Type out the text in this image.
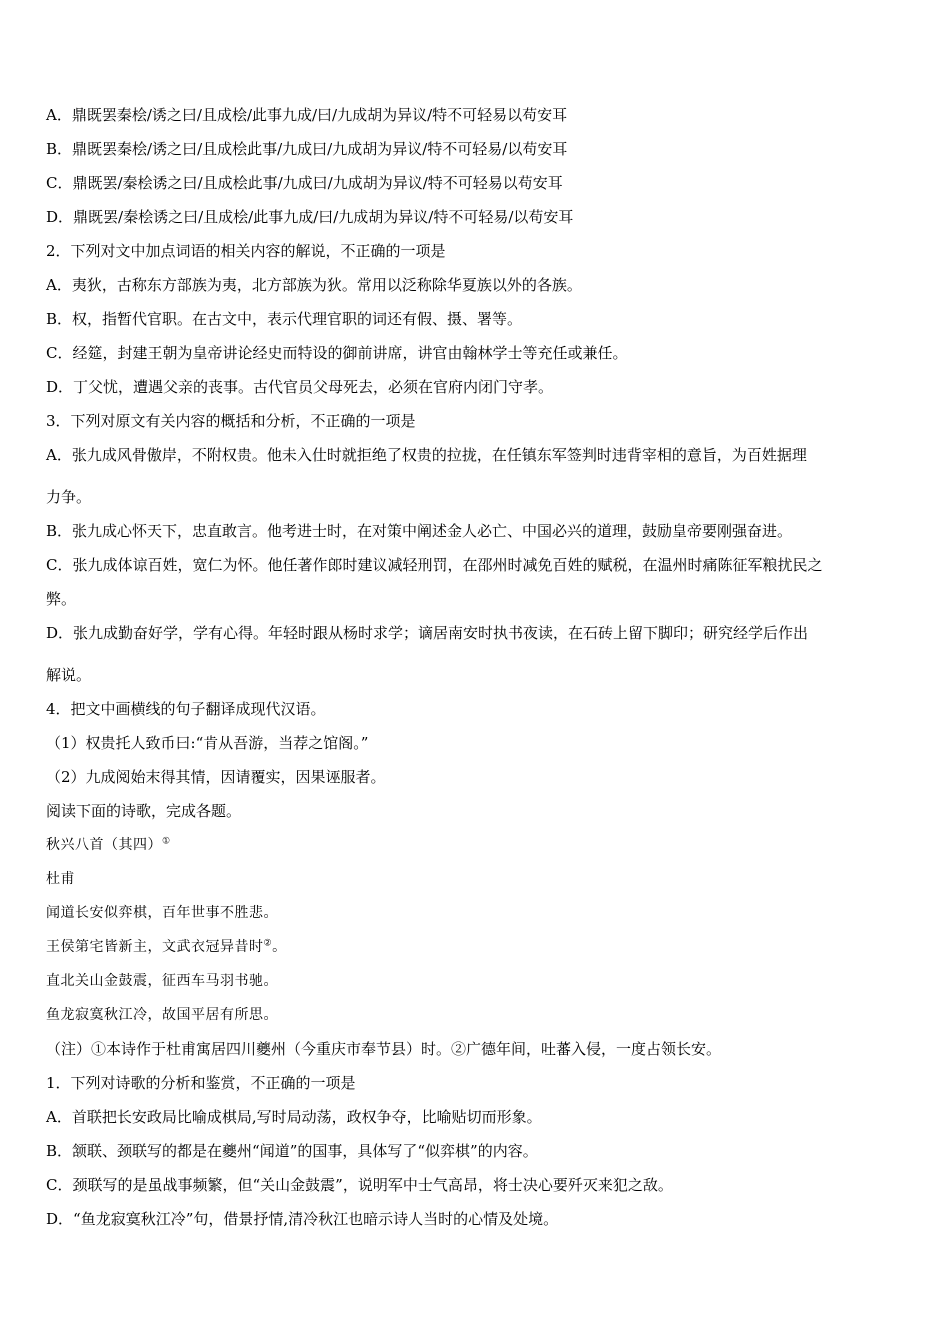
A．鼎既罢秦桧/诱之曰/且成桧/此事九成/曰/九成胡为异议/特不可轻易以苟安耳
B．鼎既罢秦桧/诱之曰/且成桧此事/九成曰/九成胡为异议/特不可轻易/以苟安耳
C．鼎既罢/秦桧诱之曰/且成桧此事/九成曰/九成胡为异议/特不可轻易以苟安耳
D．鼎既罢/秦桧诱之曰/且成桧/此事九成/曰/九成胡为异议/特不可轻易/以苟安耳
2．下列对文中加点词语的相关内容的解说，不正确的一项是
A．夷狄，古称东方部族为夷，北方部族为狄。常用以泛称除华夏族以外的各族。
B．权，指暂代官职。在古文中，表示代理官职的词还有假、摄、署等。
C．经筵，封建王朝为皇帝讲论经史而特设的御前讲席，讲官由翰林学士等充任或兼任。
D．丁父忧，遭遇父亲的丧事。古代官员父母死去，必须在官府内闭门守孝。
3．下列对原文有关内容的概括和分析，不正确的一项是
A．张九成风骨傲岸，不附权贵。他未入仕时就拒绝了权贵的拉拢，在任镇东军签判时违背宰相的意旨，为百姓据理
力争。
B．张九成心怀天下，忠直敢言。他考进士时，在对策中阐述金人必亡、中国必兴的道理，鼓励皇帝要刚强奋进。
C．张九成体谅百姓，宽仁为怀。他任著作郎时建议减轻刑罚，在邵州时减免百姓的赋税，在温州时痛陈征军粮扰民之
弊。
D．张九成勤奋好学，学有心得。年轻时跟从杨时求学；谪居南安时执书夜读，在石砖上留下脚印；研究经学后作出
解说。
4．把文中画横线的句子翻译成现代汉语。
（1）权贵托人致币曰:“肯从吾游，当荐之馆阁。”
（2）九成阅始末得其情，因请覆实，因果诬服者。
阅读下面的诗歌，完成各题。
秋兴八首（其四）①
杜甫
闻道长安似弈棋，百年世事不胜悲。
王侯第宅皆新主，文武衣冠异昔时②。
直北关山金鼓震，征西车马羽书驰。
鱼龙寂寞秋江冷，故国平居有所思。
（注）①本诗作于杜甫寓居四川夔州（今重庆市奉节县）时。②广德年间，吐蕃入侵，一度占领长安。
1．下列对诗歌的分析和鉴赏，不正确的一项是
A．首联把长安政局比喻成棋局,写时局动荡，政权争夺，比喻贴切而形象。
B．颔联、颈联写的都是在夔州“闻道”的国事，具体写了“似弈棋”的内容。
C．颈联写的是虽战事频繁，但“关山金鼓震”，说明军中士气高昂，将士决心要歼灭来犯之敌。
D．“鱼龙寂寞秋江冷”句，借景抒情,清冷秋江也暗示诗人当时的心情及处境。
